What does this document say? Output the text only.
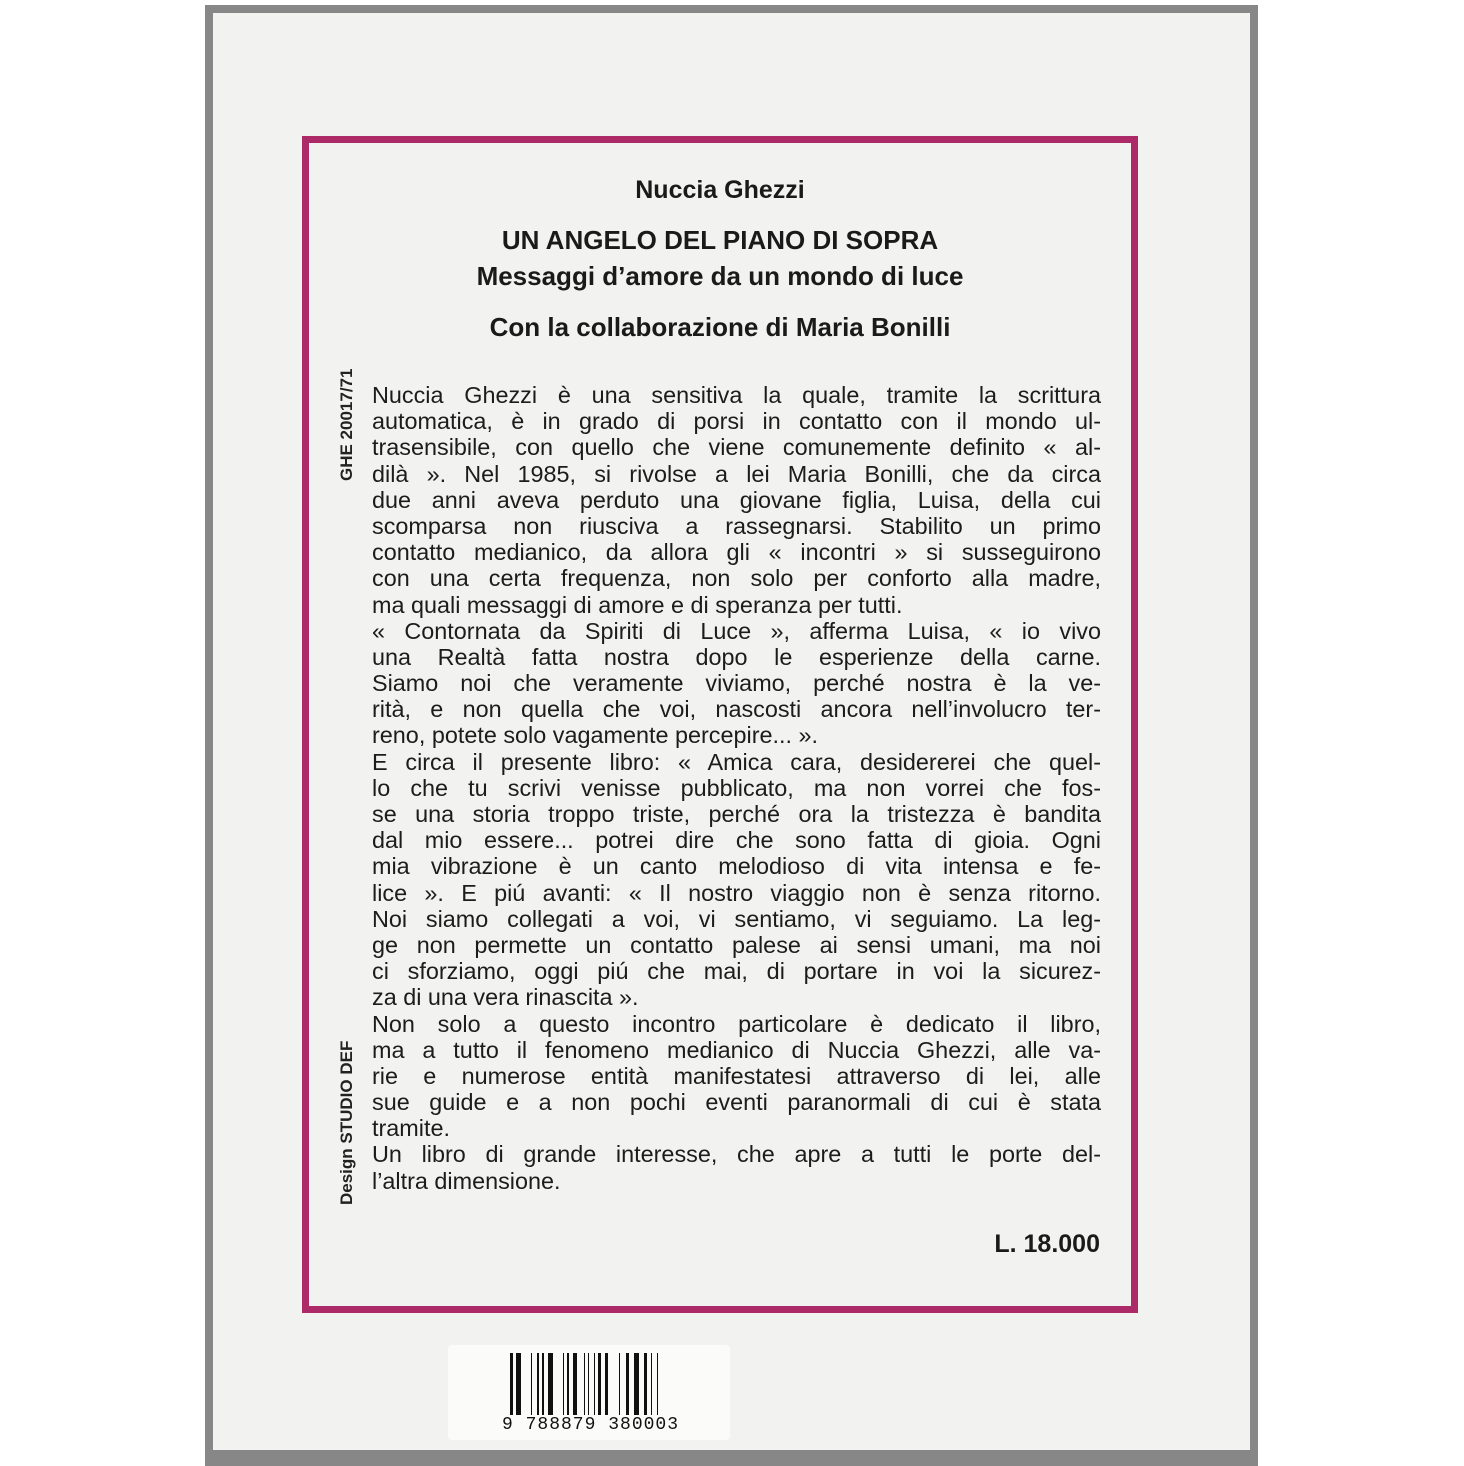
Nuccia Ghezzi
UN ANGELO DEL PIANO DI SOPRA
Messaggi d’amore da un mondo di luce
Con la collaborazione di Maria Bonilli
GHE 20017/71
Design STUDIO DEF
Nuccia Ghezzi è una sensitiva la quale, tramite la scrittura
automatica, è in grado di porsi in contatto con il mondo ul-
trasensibile, con quello che viene comunemente definito « al-
dilà ». Nel 1985, si rivolse a lei Maria Bonilli, che da circa
due anni aveva perduto una giovane figlia, Luisa, della cui
scomparsa non riusciva a rassegnarsi. Stabilito un primo
contatto medianico, da allora gli « incontri » si susseguirono
con una certa frequenza, non solo per conforto alla madre,
ma quali messaggi di amore e di speranza per tutti.
« Contornata da Spiriti di Luce », afferma Luisa, « io vivo
una Realtà fatta nostra dopo le esperienze della carne.
Siamo noi che veramente viviamo, perché nostra è la ve-
rità, e non quella che voi, nascosti ancora nell’involucro ter-
reno, potete solo vagamente percepire... ».
E circa il presente libro: « Amica cara, desidererei che quel-
lo che tu scrivi venisse pubblicato, ma non vorrei che fos-
se una storia troppo triste, perché ora la tristezza è bandita
dal mio essere... potrei dire che sono fatta di gioia. Ogni
mia vibrazione è un canto melodioso di vita intensa e fe-
lice ». E piú avanti: « Il nostro viaggio non è senza ritorno.
Noi siamo collegati a voi, vi sentiamo, vi seguiamo. La leg-
ge non permette un contatto palese ai sensi umani, ma noi
ci sforziamo, oggi piú che mai, di portare in voi la sicurez-
za di una vera rinascita ».
Non solo a questo incontro particolare è dedicato il libro,
ma a tutto il fenomeno medianico di Nuccia Ghezzi, alle va-
rie e numerose entità manifestatesi attraverso di lei, alle
sue guide e a non pochi eventi paranormali di cui è stata
tramite.
Un libro di grande interesse, che apre a tutti le porte del-
l’altra dimensione.
L. 18.000
9 788879 380003
